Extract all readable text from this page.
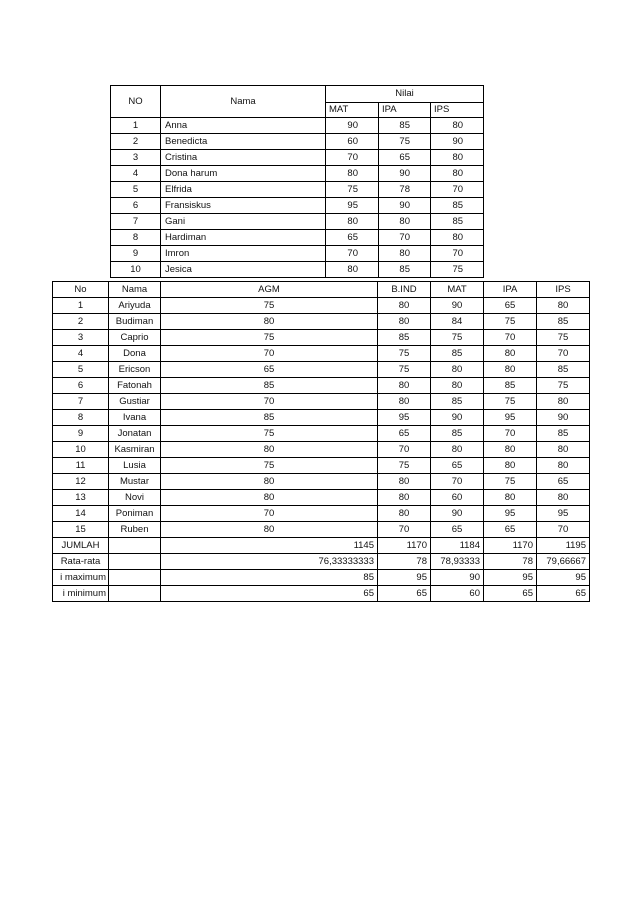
NO	Nama	Nilai		
		MAT	IPA	IPS
1	Anna	90	85	80
2	Benedicta	60	75	90
3	Cristina	70	65	80
4	Dona harum	80	90	80
5	Elfrida	75	78	70
6	Fransiskus	95	90	85
7	Gani	80	80	85
8	Hardiman	65	70	80
9	Imron	70	80	70
10	Jesica	80	85	75
No	Nama	AGM	B.IND	MAT	IPA	IPS
1	Ariyuda	75	80	90	65	80
2	Budiman	80	80	84	75	85
3	Caprio	75	85	75	70	75
4	Dona	70	75	85	80	70
5	Ericson	65	75	80	80	85
6	Fatonah	85	80	80	85	75
7	Gustiar	70	80	85	75	80
8	Ivana	85	95	90	95	90
9	Jonatan	75	65	85	70	85
10	Kasmiran	80	70	80	80	80
11	Lusia	75	75	65	80	80
12	Mustar	80	80	70	75	65
13	Novi	80	80	60	80	80
14	Poniman	70	80	90	95	95
15	Ruben	80	70	65	65	70
JUMLAH		1145	1170	1184	1170	1195
Rata-rata		76,33333333	78	78,93333	78	79,66667
i maximum		85	95	90	95	95
i minimum		65	65	60	65	65
